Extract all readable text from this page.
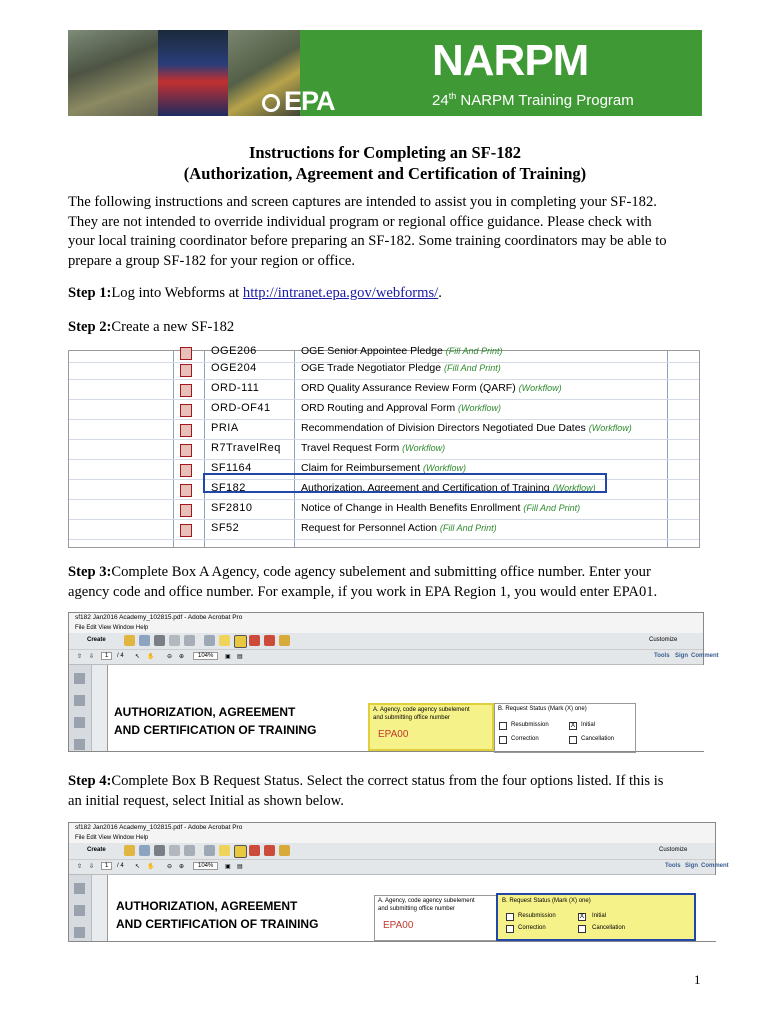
EPA
NARPM
24th NARPM Training Program
Instructions for Completing an SF-182
(Authorization, Agreement and Certification of Training)
The following instructions and screen captures are intended to assist you in completing your SF-182.
They are not intended to override individual program or regional office guidance. Please check with
your local training coordinator before preparing an SF-182. Some training coordinators may be able to
prepare a group SF-182 for your region or office.
Step 1:Log into Webforms at http://intranet.epa.gov/webforms/.
Step 2:Create a new SF-182
OGE206	OGE Senior Appointee Pledge (Fill And Print)
OGE204	OGE Trade Negotiator Pledge (Fill And Print)
ORD-111	ORD Quality Assurance Review Form (QARF) (Workflow)
ORD-OF41	ORD Routing and Approval Form (Workflow)
PRIA	Recommendation of Division Directors Negotiated Due Dates (Workflow)
R7TravelReq Travel Request Form (Workflow)
SF1164	Claim for Reimbursement (Workflow)
SF182	Authorization, Agreement and Certification of Training (Workflow)
SF2810	Notice of Change in Health Benefits Enrollment (Fill And Print)
SF52	Request for Personnel Action (Fill And Print)
Step 3:Complete Box A Agency, code agency subelement and submitting office number. Enter your
agency code and office number. For example, if you work in EPA Region 1, you would enter EPA01.
sf182 Jan2016 Academy_102815.pdf - Adobe Acrobat Pro
File Edit View Window Help
Create	Customize
⇧ ⇩	1	/ 4 ↖ ✋ ⊖ ⊕	104%	▣ ▤	Tools Sign Comment
AUTHORIZATION, AGREEMENT
AND CERTIFICATION OF TRAINING
A. Agency, code agency subelement
and submitting office number
EPA00
B. Request Status (Mark (X) one)
Resubmission
Correction
X Initial
Cancellation
Step 4:Complete Box B Request Status. Select the correct status from the four options listed. If this is
an initial request, select Initial as shown below.
sf182 Jan2016 Academy_102815.pdf - Adobe Acrobat Pro
File Edit View Window Help
Create	Customize
⇧ ⇩	1	/ 4 ↖ ✋ ⊖ ⊕	104%	▣ ▤	Tools Sign Comment
AUTHORIZATION, AGREEMENT
AND CERTIFICATION OF TRAINING
A. Agency, code agency subelement
and submitting office number
EPA00
B. Request Status (Mark (X) one)
Resubmission
Correction
X Initial
Cancellation
1
